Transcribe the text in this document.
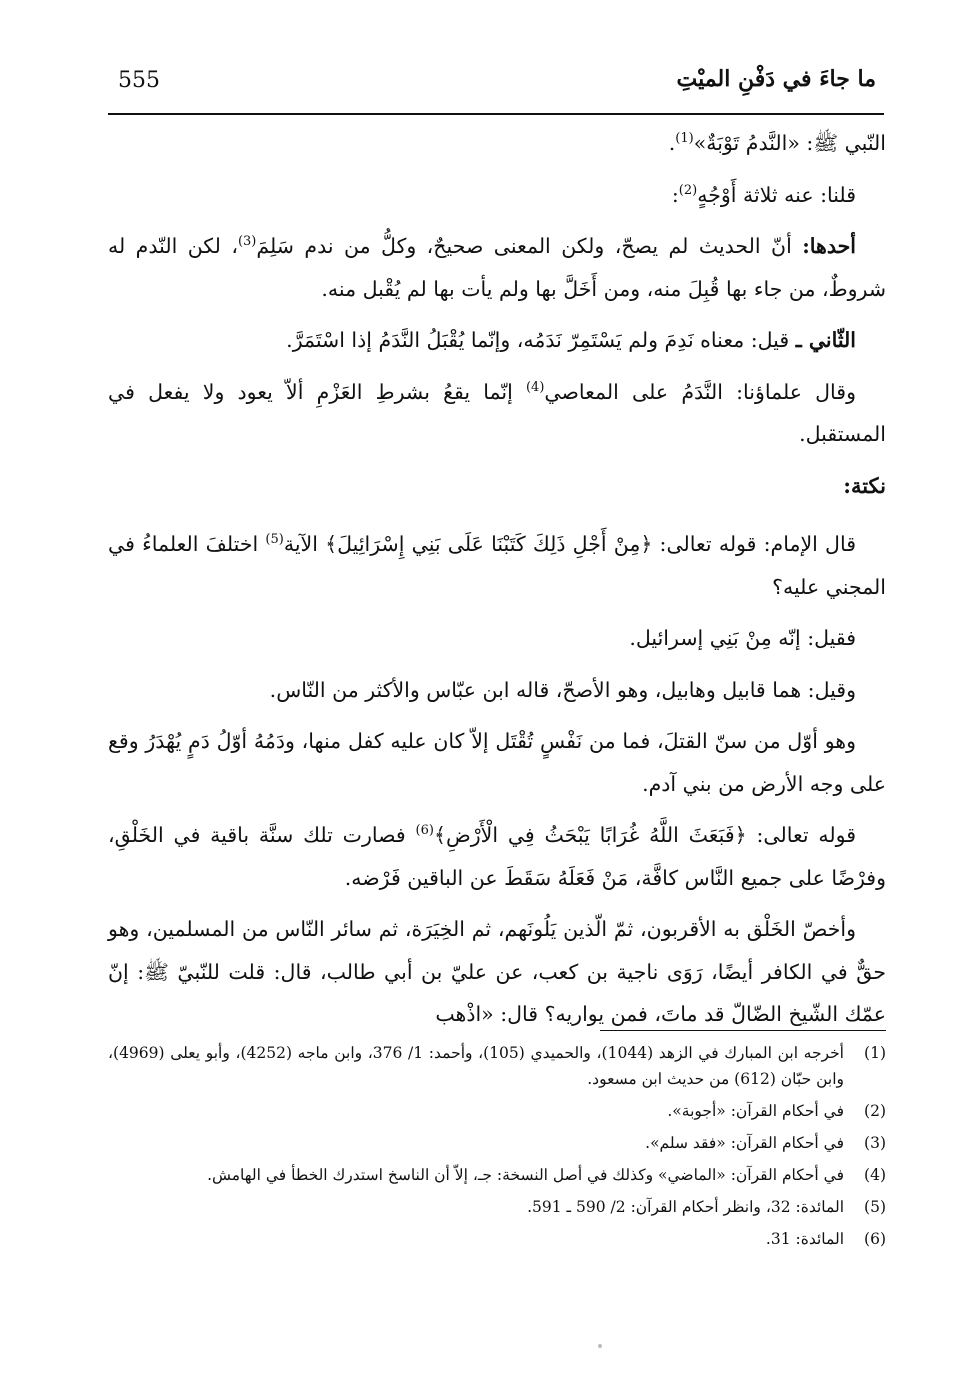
ما جاءَ في دَفْنِ الميْتِ
555

النّبي ﷺ: «النَّدمُ تَوْبَةٌ»$^{(1)}$.

قلنا: عنه ثلاثة أَوْجُهٍ$^{(2)}$:

أحدها: أنّ الحديث لم يصحّ، ولكن المعنى صحيحٌ، وكلُّ من ندم سَلِمَ$^{(3)}$، لكن النّدم له شروطٌ، من جاء بها قُبِلَ منه، ومن أَخَلَّ بها ولم يأت بها لم يُقْبل منه.

الثّاني ـ قيل: معناه نَدِمَ ولم يَسْتَمِرّ نَدَمُه، وإنّما يُقْبَلُ النَّدَمُ إذا اسْتَمَرَّ.

وقال علماؤنا: النَّدَمُ على المعاصي$^{(4)}$ إنّما يقعُ بشرطِ العَزْمِ ألاّ يعود ولا يفعل في المستقبل.

نكتة:

قال الإمام: قوله تعالى: ﴿مِنْ أَجْلِ ذَلِكَ كَتَبْنَا عَلَى بَنِي إِسْرَائِيلَ﴾ الآية$^{(5)}$ اختلفَ العلماءُ في المجني عليه؟

فقيل: إنّه مِنْ بَنِي إسرائيل.

وقيل: هما قابيل وهابيل، وهو الأصحّ، قاله ابن عبّاس والأكثر من النّاس.

وهو أوّل من سنّ القتلَ، فما من نَفْسٍ تُقْتَل إلاّ كان عليه كفل منها، ودَمُهُ أوّلُ دَمٍ يُهْدَرُ وقع على وجه الأرض من بني آدم.

قوله تعالى: ﴿فَبَعَثَ اللَّهُ غُرَابًا يَبْحَثُ فِي الْأَرْضِ﴾$^{(6)}$ فصارت تلك سنَّة باقية في الخَلْقِ، وفرْضًا على جميع النَّاس كافَّة، مَنْ فَعَلَهُ سَقَطَ عن الباقين فَرْضه.

وأخصّ الخَلْق به الأقربون، ثمّ الّذين يَلُونَهم، ثم الخِيَرَة، ثم سائر النّاس من المسلمين، وهو حقٌّ في الكافر أيضًا، رَوَى ناجية بن كعب، عن عليّ بن أبي طالب، قال: قلت للنّبيّ ﷺ: إنّ عمّك الشّيخ الضّالّ قد ماتَ، فمن يواريه؟ قال: «اذْهب

(1)
أخرجه ابن المبارك في الزهد (1044)، والحميدي (105)، وأحمد: 1/ 376، وابن ماجه (4252)، وأبو يعلى (4969)، وابن حبّان (612) من حديث ابن مسعود.
(2)
في أحكام القرآن: «أجوبة».
(3)
في أحكام القرآن: «فقد سلم».
(4)
في أحكام القرآن: «الماضي» وكذلك في أصل النسخة: جـ، إلاّ أن الناسخ استدرك الخطأ في الهامش.
(5)
المائدة: 32، وانظر أحكام القرآن: 2/ 590 ـ 591.
(6)
المائدة: 31.
